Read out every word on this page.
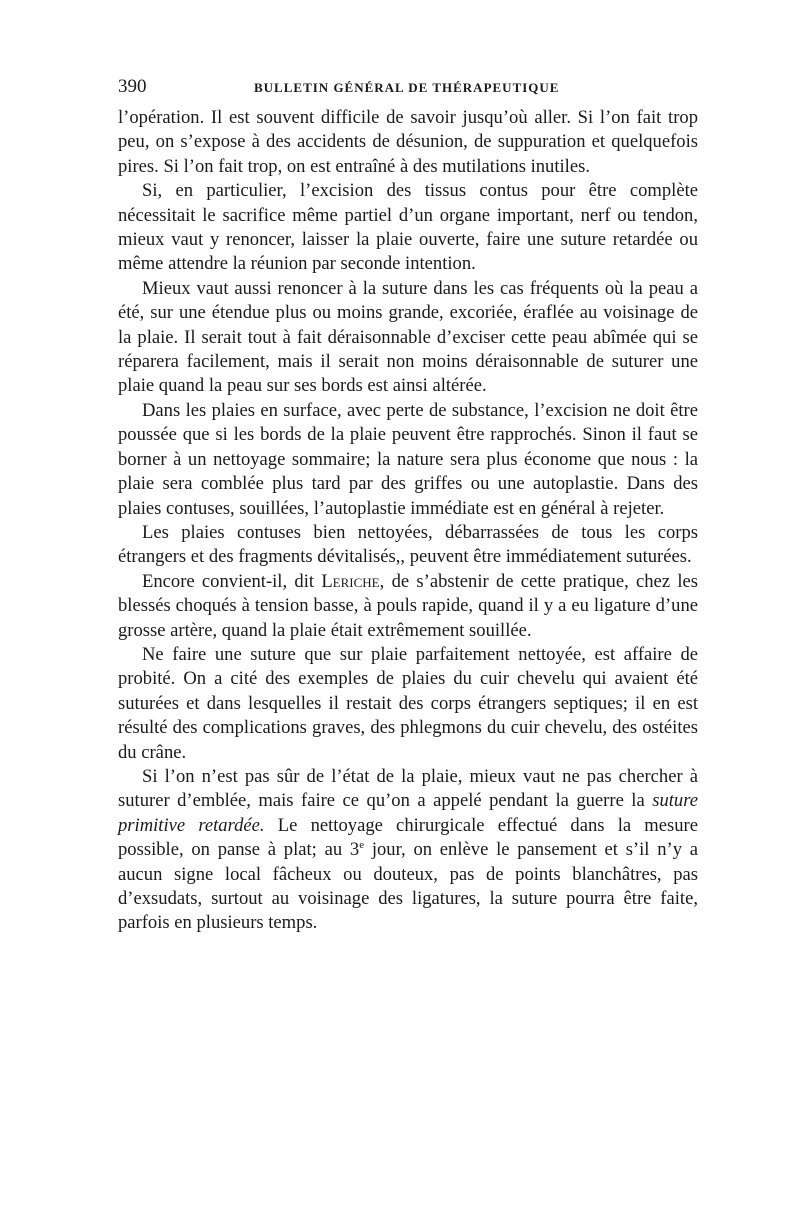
390	BULLETIN GÉNÉRAL DE THÉRAPEUTIQUE

l’opération. Il est souvent difficile de savoir jusqu’où aller. Si l’on fait trop peu, on s’expose à des accidents de désunion, de suppuration et quelquefois pires. Si l’on fait trop, on est entraîné à des mutilations inutiles.

Si, en particulier, l’excision des tissus contus pour être complète nécessitait le sacrifice même partiel d’un organe important, nerf ou tendon, mieux vaut y renoncer, laisser la plaie ouverte, faire une suture retardée ou même attendre la réunion par seconde intention.

Mieux vaut aussi renoncer à la suture dans les cas fréquents où la peau a été, sur une étendue plus ou moins grande, excoriée, éraflée au voisinage de la plaie. Il serait tout à fait déraisonnable d’exciser cette peau abîmée qui se réparera facilement, mais il serait non moins déraisonnable de suturer une plaie quand la peau sur ses bords est ainsi altérée.

Dans les plaies en surface, avec perte de substance, l’excision ne doit être poussée que si les bords de la plaie peuvent être rapprochés. Sinon il faut se borner à un nettoyage sommaire; la nature sera plus économe que nous : la plaie sera comblée plus tard par des griffes ou une autoplastie. Dans des plaies contuses, souillées, l’autoplastie immédiate est en général à rejeter.

Les plaies contuses bien nettoyées, débarrassées de tous les corps étrangers et des fragments dévitalisés,, peuvent être immédiatement suturées.

Encore convient-il, dit Leriche, de s’abstenir de cette pratique, chez les blessés choqués à tension basse, à pouls rapide, quand il y a eu ligature d’une grosse artère, quand la plaie était extrêmement souillée.

Ne faire une suture que sur plaie parfaitement nettoyée, est affaire de probité. On a cité des exemples de plaies du cuir chevelu qui avaient été suturées et dans lesquelles il restait des corps étrangers septiques; il en est résulté des complications graves, des phlegmons du cuir chevelu, des ostéites du crâne.

Si l’on n’est pas sûr de l’état de la plaie, mieux vaut ne pas chercher à suturer d’emblée, mais faire ce qu’on a appelé pendant la guerre la suture primitive retardée. Le nettoyage chirurgicale effectué dans la mesure possible, on panse à plat; au 3e jour, on enlève le pansement et s’il n’y a aucun signe local fâcheux ou douteux, pas de points blanchâtres, pas d’exsudats, surtout au voisinage des ligatures, la suture pourra être faite, parfois en plusieurs temps.
